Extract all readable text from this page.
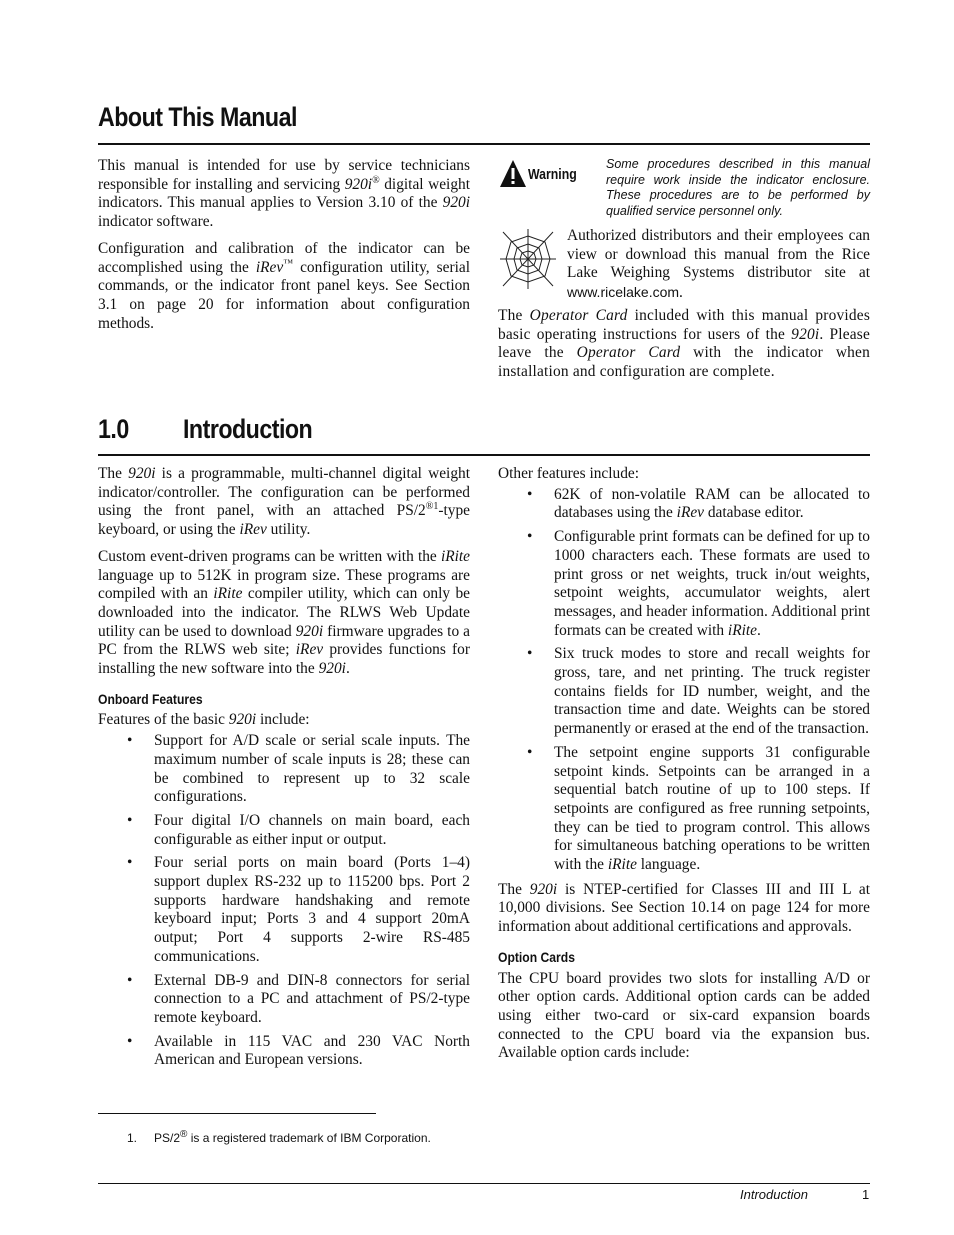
About This Manual

This manual is intended for use by service technicians responsible for installing and servicing 920i® digital weight indicators. This manual applies to Version 3.10 of the 920i indicator software.

Configuration and calibration of the indicator can be accomplished using the iRev™ configuration utility, serial commands, or the indicator front panel keys. See Section 3.1 on page 20 for information about configuration methods.

Warning
Some procedures described in this manual require work inside the indicator enclosure. These procedures are to be performed by qualified service personnel only.
Authorized distributors and their employees can view or download this manual from the Rice Lake Weighing Systems distributor site at www.ricelake.com.
The Operator Card included with this manual provides basic operating instructions for users of the 920i. Please leave the Operator Card with the indicator when installation and configuration are complete.
1.0 Introduction

The 920i is a programmable, multi-channel digital weight indicator/controller. The configuration can be performed using the front panel, with an attached $PS/2^{®1}$-type keyboard, or using the iRev utility.

Custom event-driven programs can be written with the iRite language up to 512K in program size. These programs are compiled with an iRite compiler utility, which can only be downloaded into the indicator. The RLWS Web Update utility can be used to download 920i firmware upgrades to a PC from the RLWS web site; iRev provides functions for installing the new software into the 920i.

Onboard Features

Features of the basic 920i include:

• Support for A/D scale or serial scale inputs. The maximum number of scale inputs is 28; these can be combined to represent up to 32 scale configurations.
• Four digital I/O channels on main board, each configurable as either input or output.
• Four serial ports on main board (Ports 1–4) support duplex RS-232 up to 115200 bps. Port 2 supports hardware handshaking and remote keyboard input; Ports 3 and 4 support 20mA output; Port 4 supports 2-wire RS-485 communications.
• External DB-9 and DIN-8 connectors for serial connection to a PC and attachment of PS/2-type remote keyboard.
• Available in 115 VAC and 230 VAC North American and European versions.

Other features include:

• 62K of non-volatile RAM can be allocated to databases using the iRev database editor.
• Configurable print formats can be defined for up to 1000 characters each. These formats are used to print gross or net weights, truck in/out weights, setpoint weights, accumulator weights, alert messages, and header information. Additional print formats can be created with iRite.
• Six truck modes to store and recall weights for gross, tare, and net printing. The truck register contains fields for ID number, weight, and the transaction time and date. Weights can be stored permanently or erased at the end of the transaction.
• The setpoint engine supports 31 configurable setpoint kinds. Setpoints can be arranged in a sequential batch routine of up to 100 steps. If setpoints are configured as free running setpoints, they can be tied to program control. This allows for simultaneous batching operations to be written with the iRite language.

The 920i is NTEP-certified for Classes III and III L at 10,000 divisions. See Section 10.14 on page 124 for more information about additional certifications and approvals.

Option Cards

The CPU board provides two slots for installing A/D or other option cards. Additional option cards can be added using either two-card or six-card expansion boards connected to the CPU board via the expansion bus. Available option cards include:

1. PS/2® is a registered trademark of IBM Corporation.
Introduction	1
